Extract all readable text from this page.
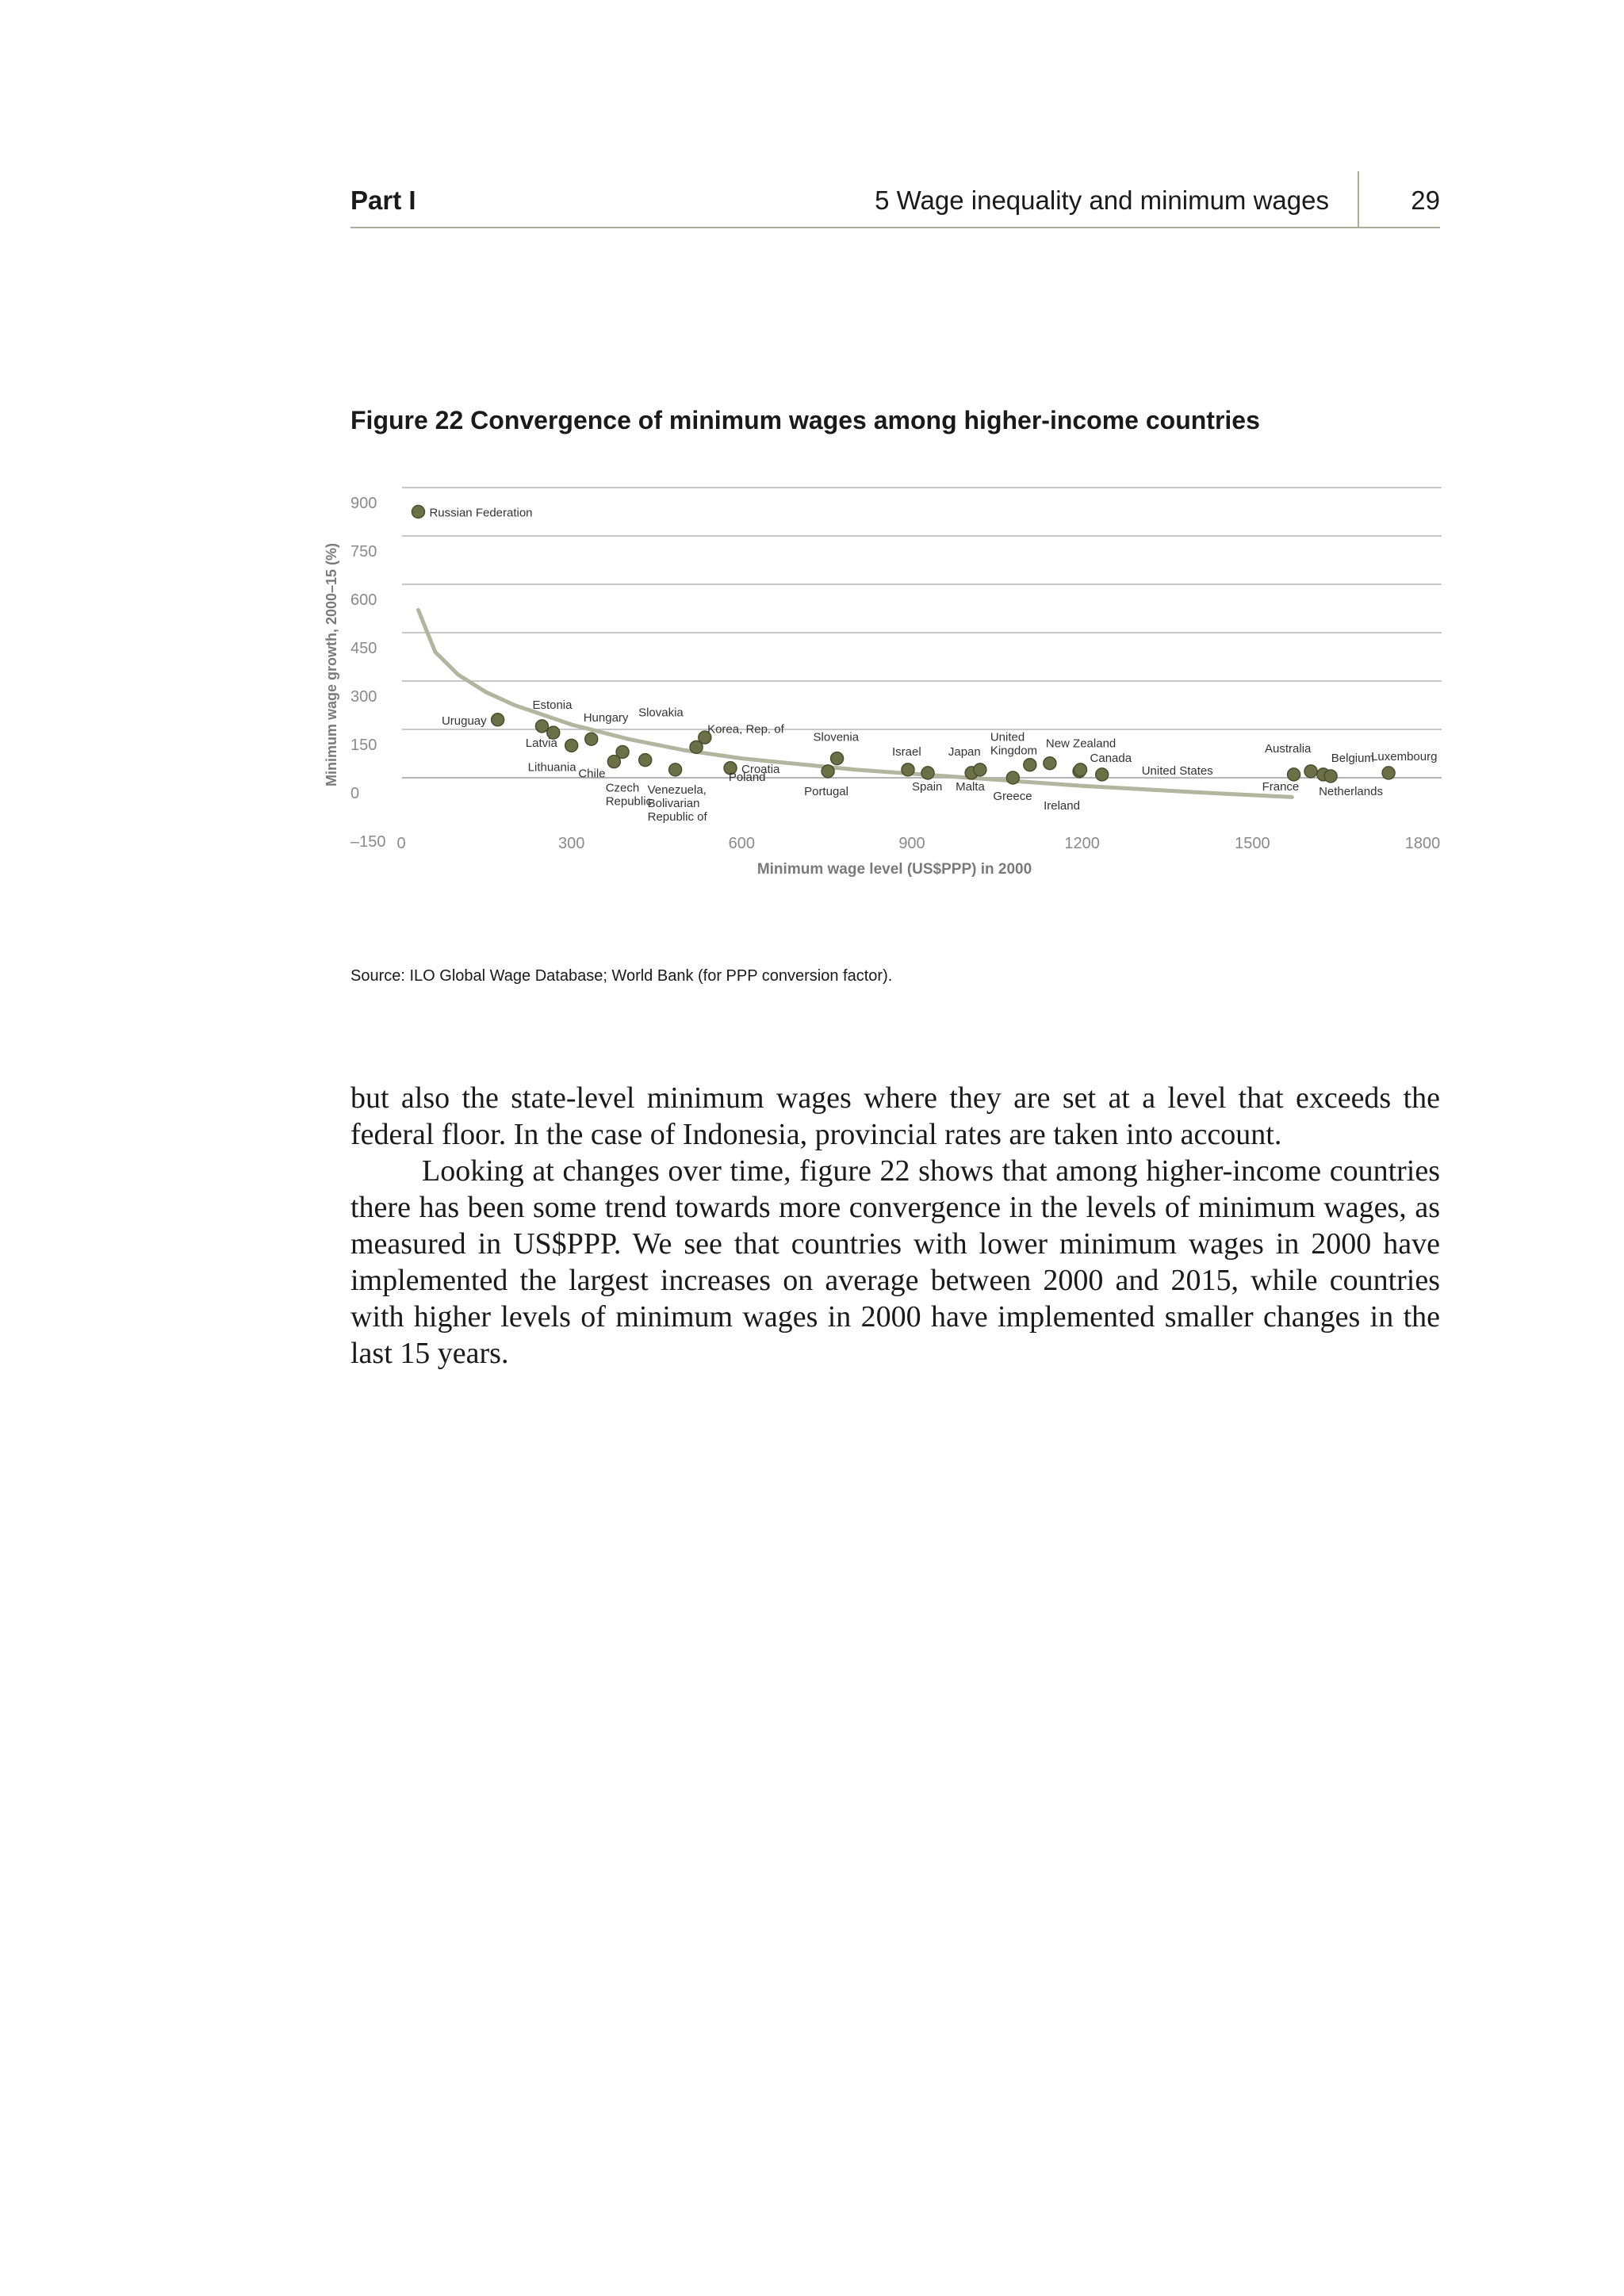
Part I	5 Wage inequality and minimum wages	29
Figure 22 Convergence of minimum wages among higher-income countries
900
750
600
450
300
150
0
–150 0	300	600	900	1200	1500	1800
Minimum wage level (US$PPP) in 2000
Minimum wage growth, 2000–15 (%)
Russian Federation
Uruguay
Estonia
Latvia
Lithuania
Hungary
Chile
Slovakia
Czech Republic
Venezuela, Bolivarian Republic of
Korea, Rep. of
Poland
Croatia
Portugal
Slovenia
Israel
Spain Malta
Japan
Greece
United Kingdom
New Zealand
Ireland
Canada
United States
France
Australia
Belgium
Netherlands
Luxembourg
Source: ILO Global Wage Database; World Bank (for PPP conversion factor).

but also the state-level minimum wages where they are set at a level that exceeds the federal floor. In the case of Indonesia, provincial rates are taken into account.

Looking at changes over time, figure 22 shows that among higher-income countries there has been some trend towards more convergence in the levels of minimum wages, as measured in US$PPP. We see that countries with lower minimum wages in 2000 have implemented the largest increases on average between 2000 and 2015, while countries with higher levels of minimum wages in 2000 have implemented smaller changes in the last 15 years.
